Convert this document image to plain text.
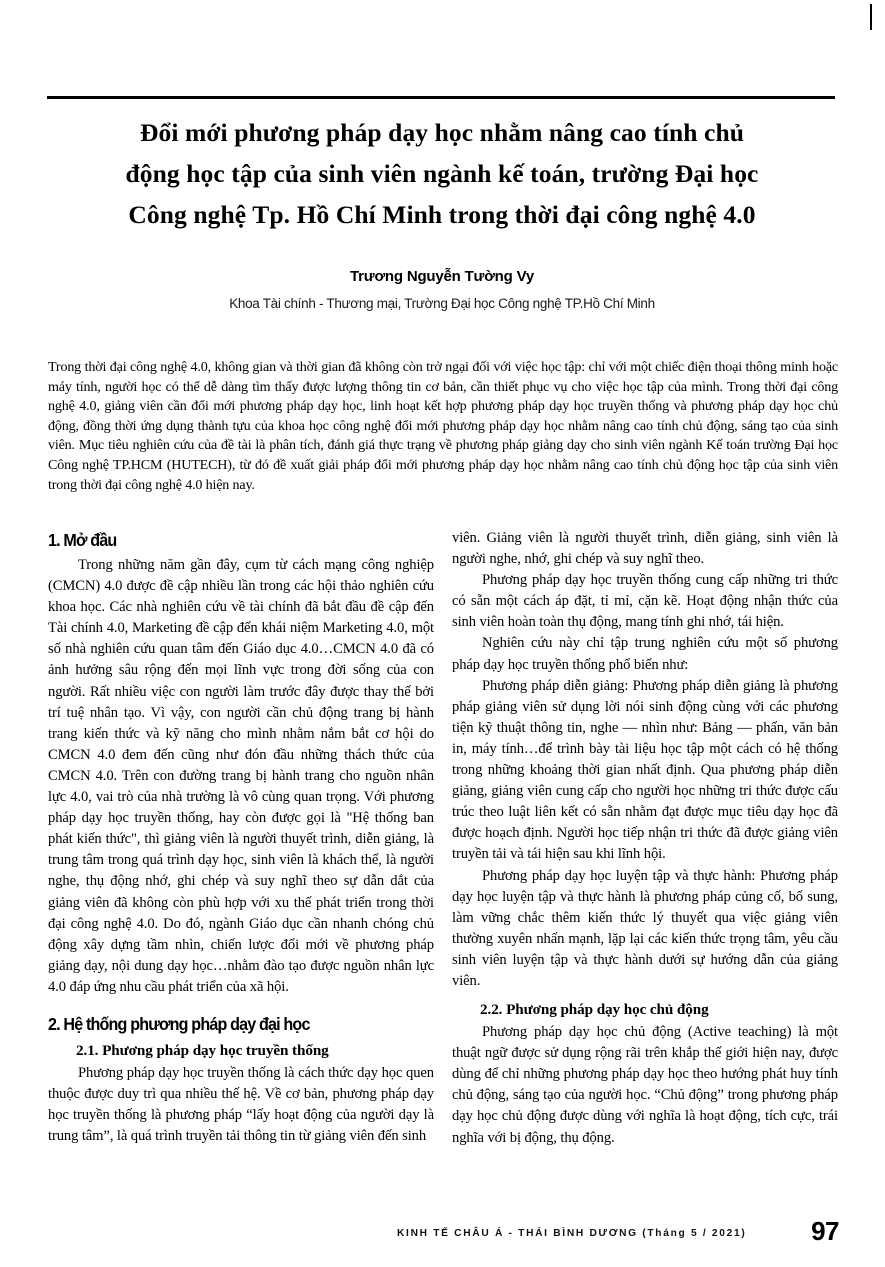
Đổi mới phương pháp dạy học nhằm nâng cao tính chủ
động học tập của sinh viên ngành kế toán, trường Đại học
Công nghệ Tp. Hồ Chí Minh trong thời đại công nghệ 4.0
Trương Nguyễn Tường Vy
Khoa Tài chính - Thương mại, Trường Đại học Công nghệ TP.Hồ Chí Minh
Trong thời đại công nghệ 4.0, không gian và thời gian đã không còn trở ngại đối với việc học tập: chỉ với một chiếc điện thoại thông minh hoặc máy tính, người học có thể dễ dàng tìm thấy được lượng thông tin cơ bản, cần thiết phục vụ cho việc học tập của mình. Trong thời đại công nghệ 4.0, giảng viên cần đổi mới phương pháp dạy học, linh hoạt kết hợp phương pháp dạy học truyền thống và phương pháp dạy học chủ động, đồng thời ứng dụng thành tựu của khoa học công nghệ đổi mới phương pháp dạy học nhằm nâng cao tính chủ động, sáng tạo của sinh viên. Mục tiêu nghiên cứu của đề tài là phân tích, đánh giá thực trạng về phương pháp giảng dạy cho sinh viên ngành Kế toán trường Đại học Công nghệ TP.HCM (HUTECH), từ đó đề xuất giải pháp đổi mới phương pháp dạy học nhằm nâng cao tính chủ động học tập của sinh viên trong thời đại công nghệ 4.0 hiện nay.
1. Mở đầu

Trong những năm gần đây, cụm từ cách mạng công nghiệp (CMCN) 4.0 được đề cập nhiều lần trong các hội thảo nghiên cứu khoa học. Các nhà nghiên cứu về tài chính đã bắt đầu đề cập đến Tài chính 4.0, Marketing đề cập đến khái niệm Marketing 4.0, một số nhà nghiên cứu quan tâm đến Giáo dục 4.0…CMCN 4.0 đã có ảnh hưởng sâu rộng đến mọi lĩnh vực trong đời sống của con người. Rất nhiều việc con người làm trước đây được thay thế bởi trí tuệ nhân tạo. Vì vậy, con người cần chủ động trang bị hành trang kiến thức và kỹ năng cho mình nhằm nắm bắt cơ hội do CMCN 4.0 đem đến cũng như đón đầu những thách thức của CMCN 4.0. Trên con đường trang bị hành trang cho nguồn nhân lực 4.0, vai trò của nhà trường là vô cùng quan trọng. Với phương pháp dạy học truyền thống, hay còn được gọi là "Hệ thống ban phát kiến thức", thì giảng viên là người thuyết trình, diễn giảng, là trung tâm trong quá trình dạy học, sinh viên là khách thể, là người nghe, thụ động nhớ, ghi chép và suy nghĩ theo sự dẫn dắt của giảng viên đã không còn phù hợp với xu thế phát triển trong thời đại công nghệ 4.0. Do đó, ngành Giáo dục cần nhanh chóng chủ động xây dựng tầm nhìn, chiến lược đổi mới về phương pháp giảng dạy, nội dung dạy học…nhằm đào tạo được nguồn nhân lực 4.0 đáp ứng nhu cầu phát triển của xã hội.

2. Hệ thống phương pháp dạy đại học
2.1. Phương pháp dạy học truyền thống

Phương pháp dạy học truyền thống là cách thức dạy học quen thuộc được duy trì qua nhiều thế hệ. Về cơ bản, phương pháp dạy học truyền thống là phương pháp “lấy hoạt động của người dạy là trung tâm”, là quá trình truyền tải thông tin từ giảng viên đến sinh

viên. Giảng viên là người thuyết trình, diễn giảng, sinh viên là người nghe, nhớ, ghi chép và suy nghĩ theo.

Phương pháp dạy học truyền thống cung cấp những tri thức có sẵn một cách áp đặt, tỉ mỉ, cặn kẽ. Hoạt động nhận thức của sinh viên hoàn toàn thụ động, mang tính ghi nhớ, tái hiện.

Nghiên cứu này chỉ tập trung nghiên cứu một số phương pháp dạy học truyền thống phổ biến như:

Phương pháp diễn giảng: Phương pháp diễn giảng là phương pháp giảng viên sử dụng lời nói sinh động cùng với các phương tiện kỹ thuật thông tin, nghe — nhìn như: Bảng — phấn, văn bản in, máy tính…để trình bày tài liệu học tập một cách có hệ thống trong những khoảng thời gian nhất định. Qua phương pháp diễn giảng, giảng viên cung cấp cho người học những tri thức được cấu trúc theo luật liên kết có sẵn nhằm đạt được mục tiêu dạy học đã được hoạch định. Người học tiếp nhận tri thức đã được giảng viên truyền tải và tái hiện sau khi lĩnh hội.

Phương pháp dạy học luyện tập và thực hành: Phương pháp dạy học luyện tập và thực hành là phương pháp củng cố, bổ sung, làm vững chắc thêm kiến thức lý thuyết qua việc giảng viên thường xuyên nhấn mạnh, lặp lại các kiến thức trọng tâm, yêu cầu sinh viên luyện tập và thực hành dưới sự hướng dẫn của giảng viên.

2.2. Phương pháp dạy học chủ động

Phương pháp dạy học chủ động (Active teaching) là một thuật ngữ được sử dụng rộng rãi trên khắp thế giới hiện nay, được dùng để chỉ những phương pháp dạy học theo hướng phát huy tính chủ động, sáng tạo của người học. “Chủ động” trong phương pháp dạy học chủ động được dùng với nghĩa là hoạt động, tích cực, trái nghĩa với bị động, thụ động.

KINH TẾ CHÂU Á - THÁI BÌNH DƯƠNG (Tháng 5 / 2021) 97
